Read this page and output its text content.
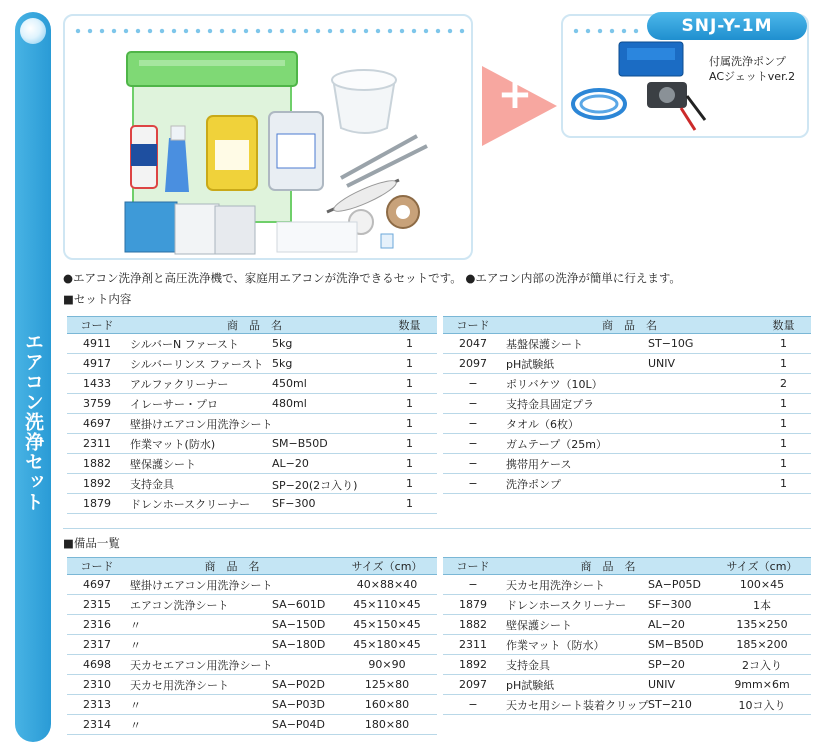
エアコン洗浄セット
+
SNJ-Y-1M
付属洗浄ポンプ
ACジェットver.2
●エアコン洗浄剤と高圧洗浄機で、家庭用エアコンが洗浄できるセットです。 ●エアコン内部の洗浄が簡単に行えます。
■セット内容
コード	商　品　名	数量
4911	シルバーN ファースト 5kg	1
4917	シルバーリンス ファースト 5kg	1
1433	アルファクリーナー 450ml	1
3759	イレーサー・プロ 480ml	1
4697	壁掛けエアコン用洗浄シート	1
2311	作業マット(防水) SM−B50D	1
1882	壁保護シート AL−20	1
1892	支持金具 SP−20(2コ入り)	1
1879	ドレンホースクリーナー SF−300	1
コード	商　品　名	数量
2047	基盤保護シート ST−10G	1
2097	pH試験紙 UNIV	1
−	ポリバケツ（10L）	2
−	支持金具固定プラ	1
−	タオル（6枚）	1
−	ガムテープ（25m）	1
−	携帯用ケース	1
−	洗浄ポンプ	1
■備品一覧
コード	商　品　名	サイズ（cm）
4697	壁掛けエアコン用洗浄シート	40×88×40
2315	エアコン洗浄シート SA−601D	45×110×45
2316	〃 SA−150D	45×150×45
2317	〃 SA−180D	45×180×45
4698	天カセエアコン用洗浄シート	90×90
2310	天カセ用洗浄シート SA−P02D	125×80
2313	〃 SA−P03D	160×80
2314	〃 SA−P04D	180×80
コード	商　品　名	サイズ（cm）
−	天カセ用洗浄シート SA−P05D	100×45
1879	ドレンホースクリーナー SF−300	1本
1882	壁保護シート AL−20	135×250
2311	作業マット（防水） SM−B50D	185×200
1892	支持金具 SP−20	2コ入り
2097	pH試験紙 UNIV	9mm×6m
−	天カセ用シート装着クリップ ST−210	10コ入り
